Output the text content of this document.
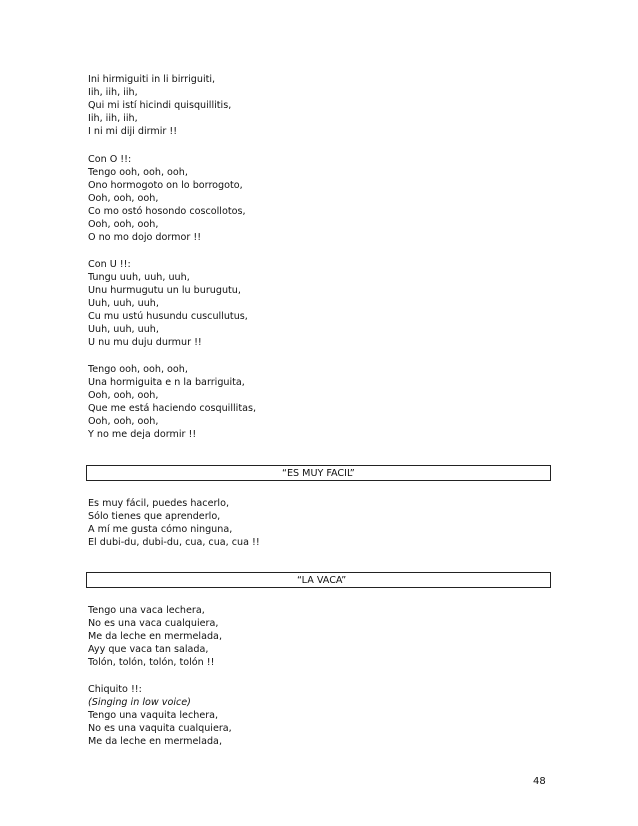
Ini hirmiguiti in li birriguiti,
Iih, iih, iih,
Qui mi istí hicindi quisquillitis,
Iih, iih, iih,
I ni mi diji dirmir !!
Con O !!:
Tengo ooh, ooh, ooh,
Ono hormogoto on lo borrogoto,
Ooh, ooh, ooh,
Co mo ostó hosondo coscollotos,
Ooh, ooh, ooh,
O no mo dojo dormor !!
Con U !!:
Tungu uuh, uuh, uuh,
Unu hurmugutu un lu burugutu,
Uuh, uuh, uuh,
Cu mu ustú husundu cuscullutus,
Uuh, uuh, uuh,
U nu mu duju durmur !!
Tengo ooh, ooh, ooh,
Una hormiguita e n la barriguita,
Ooh, ooh, ooh,
Que me está haciendo cosquillitas,
Ooh, ooh, ooh,
Y no me deja dormir !!
“ES MUY FACIL”
Es muy fácil, puedes hacerlo,
Sólo tienes que aprenderlo,
A mí me gusta cómo ninguna,
El dubi-du, dubi-du, cua, cua, cua !!
“LA VACA”
Tengo una vaca lechera,
No es una vaca cualquiera,
Me da leche en mermelada,
Ayy que vaca tan salada,
Tolón, tolón, tolón, tolón !!
Chiquito !!:
(Singing in low voice)
Tengo una vaquita lechera,
No es una vaquita cualquiera,
Me da leche en mermelada,
48
